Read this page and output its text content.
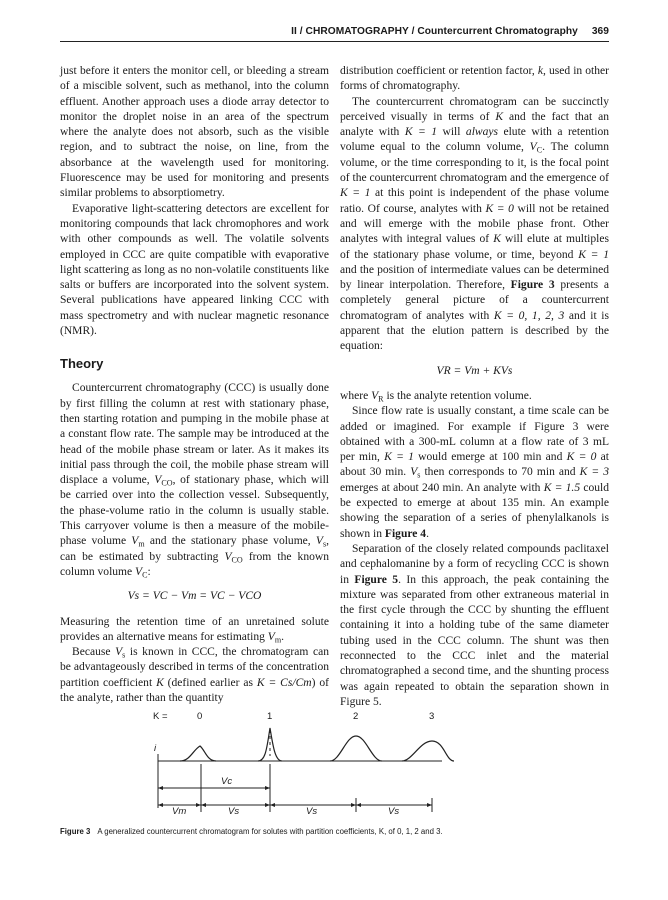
II / CHROMATOGRAPHY / Countercurrent Chromatography 369

just before it enters the monitor cell, or bleeding a stream of a miscible solvent, such as methanol, into the column effluent. Another approach uses a diode array detector to monitor the droplet noise in an area of the spectrum where the analyte does not absorb, such as the visible region, and to subtract the noise, on line, from the absorbance at the wavelength used for monitoring. Fluorescence may be used for monitoring and presents similar problems to absorptiometry.

Evaporative light-scattering detectors are excellent for monitoring compounds that lack chromophores and work with other compounds as well. The volatile solvents employed in CCC are quite compatible with evaporative light scattering as long as no non-volatile constituents like salts or buffers are incorporated into the solvent system. Several publications have appeared linking CCC with mass spectrometry and with nuclear magnetic resonance (NMR).

Theory

Countercurrent chromatography (CCC) is usually done by first filling the column at rest with stationary phase, then starting rotation and pumping in the mobile phase at a constant flow rate. The sample may be introduced at the head of the mobile phase stream or later. As it makes its initial pass through the coil, the mobile phase stream will displace a volume, $V_{CO}$, of stationary phase, which will be carried over into the collection vessel. Subsequently, the phase-volume ratio in the column is usually stable. This carryover volume is then a measure of the mobile-phase volume $V_m$ and the stationary phase volume, $V_s$, can be estimated by subtracting $V_{CO}$ from the known column volume $V_C$:

Vs = VC − Vm = VC − VCO

Measuring the retention time of an unretained solute provides an alternative means for estimating $V_m$.

Because $V_s$ is known in CCC, the chromatogram can be advantageously described in terms of the concentration partition coefficient K (defined earlier as K = Cs/Cm) of the analyte, rather than the quantity

distribution coefficient or retention factor, k, used in other forms of chromatography.

The countercurrent chromatogram can be succinctly perceived visually in terms of K and the fact that an analyte with K = 1 will always elute with a retention volume equal to the column volume, $V_C$. The column volume, or the time corresponding to it, is the focal point of the countercurrent chromatogram and the emergence of K = 1 at this point is independent of the phase volume ratio. Of course, analytes with K = 0 will not be retained and will emerge with the mobile phase front. Other analytes with integral values of K will elute at multiples of the stationary phase volume, or time, beyond K = 1 and the position of intermediate values can be determined by linear interpolation. Therefore, Figure 3 presents a completely general picture of a countercurrent chromatogram of analytes with K = 0, 1, 2, 3 and it is apparent that the elution pattern is described by the equation:

VR = Vm + KVs

where $V_R$ is the analyte retention volume.

Since flow rate is usually constant, a time scale can be added or imagined. For example if Figure 3 were obtained with a 300-mL column at a flow rate of 3 mL per min, K = 1 would emerge at 100 min and K = 0 at about 30 min. $V_s$ then corresponds to 70 min and K = 3 emerges at about 240 min. An analyte with K = 1.5 could be expected to emerge at about 135 min. An example showing the separation of a series of phenylalkanols is shown in Figure 4.

Separation of the closely related compounds paclitaxel and cephalomanine by a form of recycling CCC is shown in Figure 5. In this approach, the peak containing the mixture was separated from other extraneous material in the first cycle through the CCC by shunting the effluent containing it into a holding tube of the same diameter tubing used in the CCC column. The shunt was then reconnected to the CCC inlet and the material chromatographed a second time, and the shunting process was again repeated to obtain the separation shown in Figure 5.

K =	0	1	2	3
i
Vc
Vm	Vs	Vs	Vs
Figure 3 A generalized countercurrent chromatogram for solutes with partition coefficients, K, of 0, 1, 2 and 3.
